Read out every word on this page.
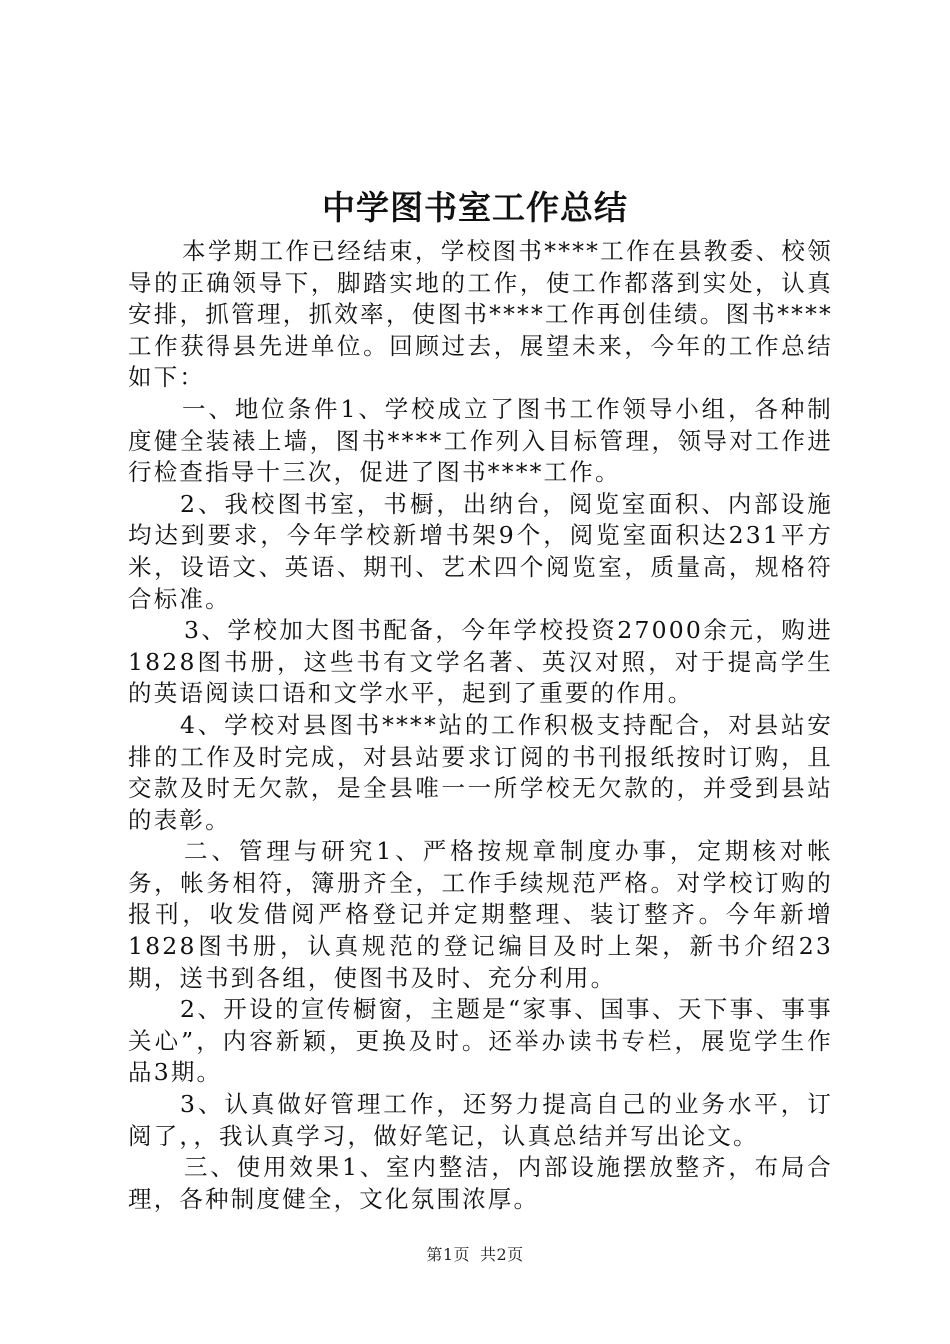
中学图书室工作总结

本学期工作已经结束，学校图书****工作在县教委、校领导的正确领导下，脚踏实地的工作，使工作都落到实处，认真安排，抓管理，抓效率，使图书****工作再创佳绩。图书****工作获得县先进单位。回顾过去，展望未来，今年的工作总结如下：

一、地位条件1、学校成立了图书工作领导小组，各种制度健全装裱上墙，图书****工作列入目标管理，领导对工作进行检查指导十三次，促进了图书****工作。

2、我校图书室，书橱，出纳台，阅览室面积、内部设施均达到要求，今年学校新增书架9个，阅览室面积达231平方米，设语文、英语、期刊、艺术四个阅览室，质量高，规格符合标准。

3、学校加大图书配备，今年学校投资27000余元，购进1828图书册，这些书有文学名著、英汉对照，对于提高学生的英语阅读口语和文学水平，起到了重要的作用。

4、学校对县图书****站的工作积极支持配合，对县站安排的工作及时完成，对县站要求订阅的书刊报纸按时订购，且交款及时无欠款，是全县唯一一所学校无欠款的，并受到县站的表彰。

二、管理与研究1、严格按规章制度办事，定期核对帐务，帐务相符，簿册齐全，工作手续规范严格。对学校订购的报刊，收发借阅严格登记并定期整理、装订整齐。今年新增1828图书册，认真规范的登记编目及时上架，新书介绍23期，送书到各组，使图书及时、充分利用。

2、开设的宣传橱窗，主题是“家事、国事、天下事、事事关心”，内容新颖，更换及时。还举办读书专栏，展览学生作品3期。

3、认真做好管理工作，还努力提高自己的业务水平，订阅了，，我认真学习，做好笔记，认真总结并写出论文。

三、使用效果1、室内整洁，内部设施摆放整齐，布局合理，各种制度健全，文化氛围浓厚。

第1页 共2页
